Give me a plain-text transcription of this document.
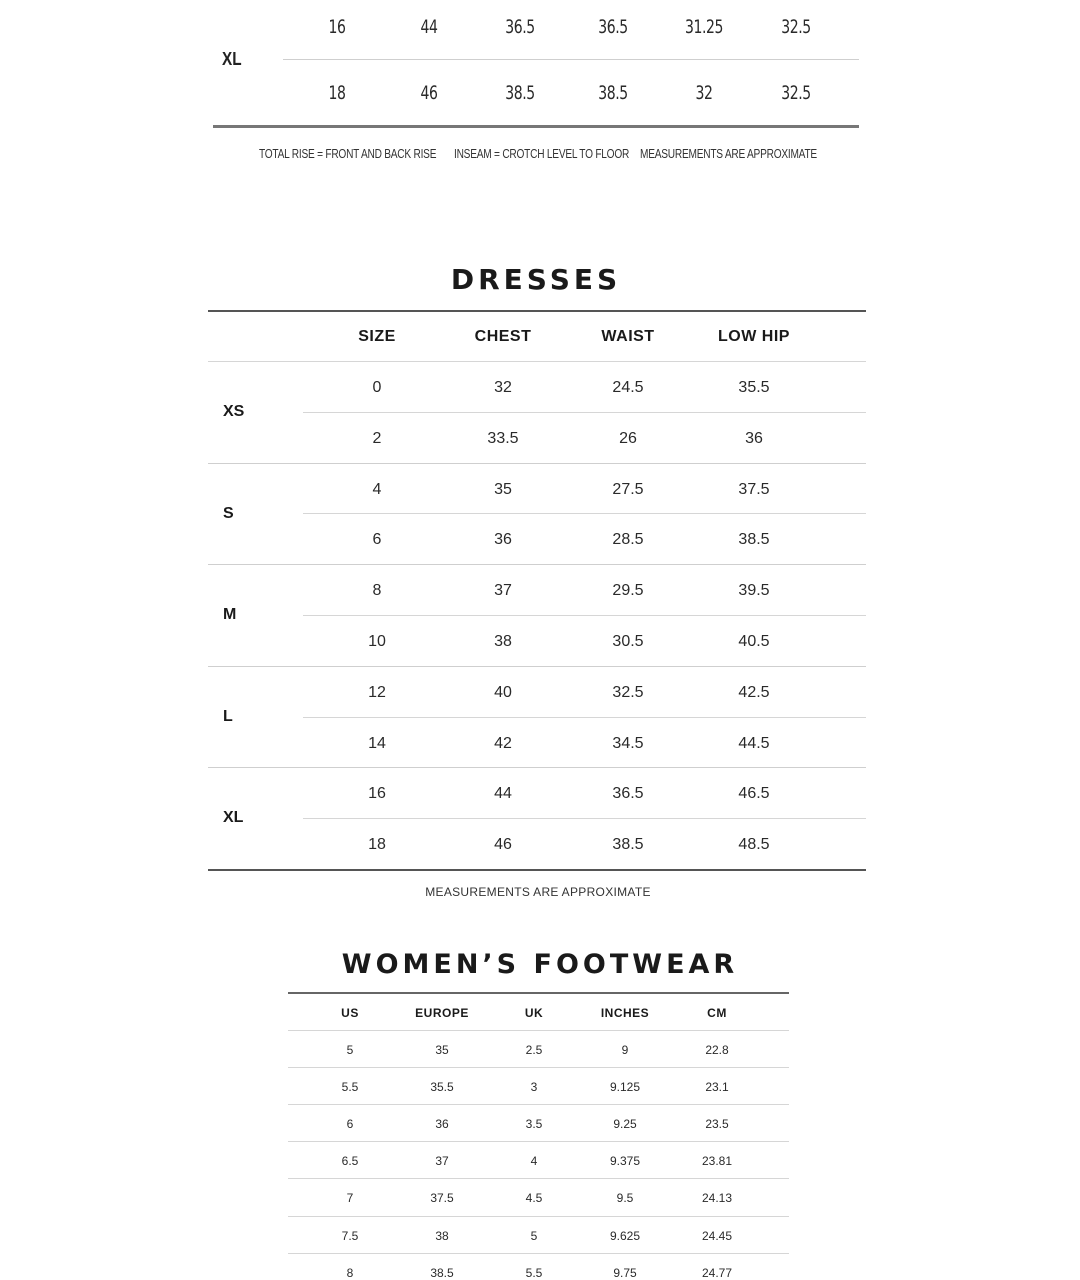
XL
16	44	36.5	36.5	31.25	32.5
18	46	38.5	38.5	32	32.5
TOTAL RISE = FRONT AND BACK RISE INSEAM = CROTCH LEVEL TO FLOOR MEASUREMENTS ARE APPROXIMATE
DRESSES
SIZE	CHEST	WAIST	LOW HIP
XS
0	32	24.5	35.5
2	33.5	26	36
S
4	35	27.5	37.5
6	36	28.5	38.5
M
8	37	29.5	39.5
10	38	30.5	40.5
L
12	40	32.5	42.5
14	42	34.5	44.5
XL
16	44	36.5	46.5
18	46	38.5	48.5
MEASUREMENTS ARE APPROXIMATE
WOMEN’S FOOTWEAR
US	EUROPE	UK	INCHES	CM
5	35	2.5	9	22.8
5.5	35.5	3	9.125	23.1
6	36	3.5	9.25	23.5
6.5	37	4	9.375	23.81
7	37.5	4.5	9.5	24.13
7.5	38	5	9.625	24.45
8	38.5	5.5	9.75	24.77
